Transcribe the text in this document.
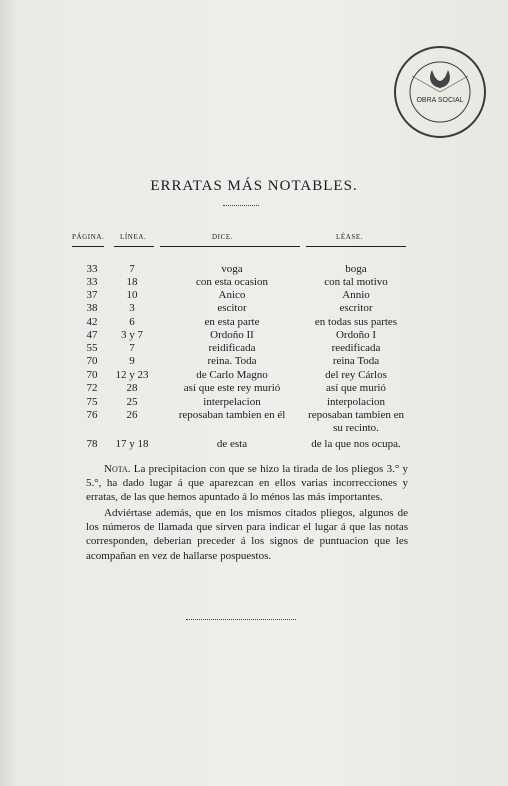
OBRA SOCIAL
ERRATAS MÁS NOTABLES.
PÁGINA. LÍNEA.	DICE.	LÉASE.
33	7	voga	boga
33	18	con esta ocasion	con tal motivo
37	10	Anico	Annio
38	3	escitor	escritor
42	6	en esta parte	en todas sus partes
47	3 y 7	Ordoño II	Ordoño I
55	7	reidificada	reedificada
70	9	reina. Toda	reina Toda
70	12 y 23	de Carlo Magno	del rey Cárlos
72	28	así que este rey murió	así que murió
75	25	interpelacion	interpolacion
76	26	reposaban tambien en él	reposaban tambien en
su recinto.
78	17 y 18	de esta	de la que nos ocupa.

Nota. La precipitacion con que se hizo la tirada de los pliegos 3.° y 5.°, ha dado lugar á que aparezcan en ellos varias incorrecciones y erratas, de las que hemos apuntado á lo ménos las más importantes.

Adviértase además, que en los mismos citados pliegos, algunos de los números de llamada que sirven para indicar el lugar á que las notas corresponden, deberian preceder á los signos de puntuacion que les acompañan en vez de hallarse pospuestos.
